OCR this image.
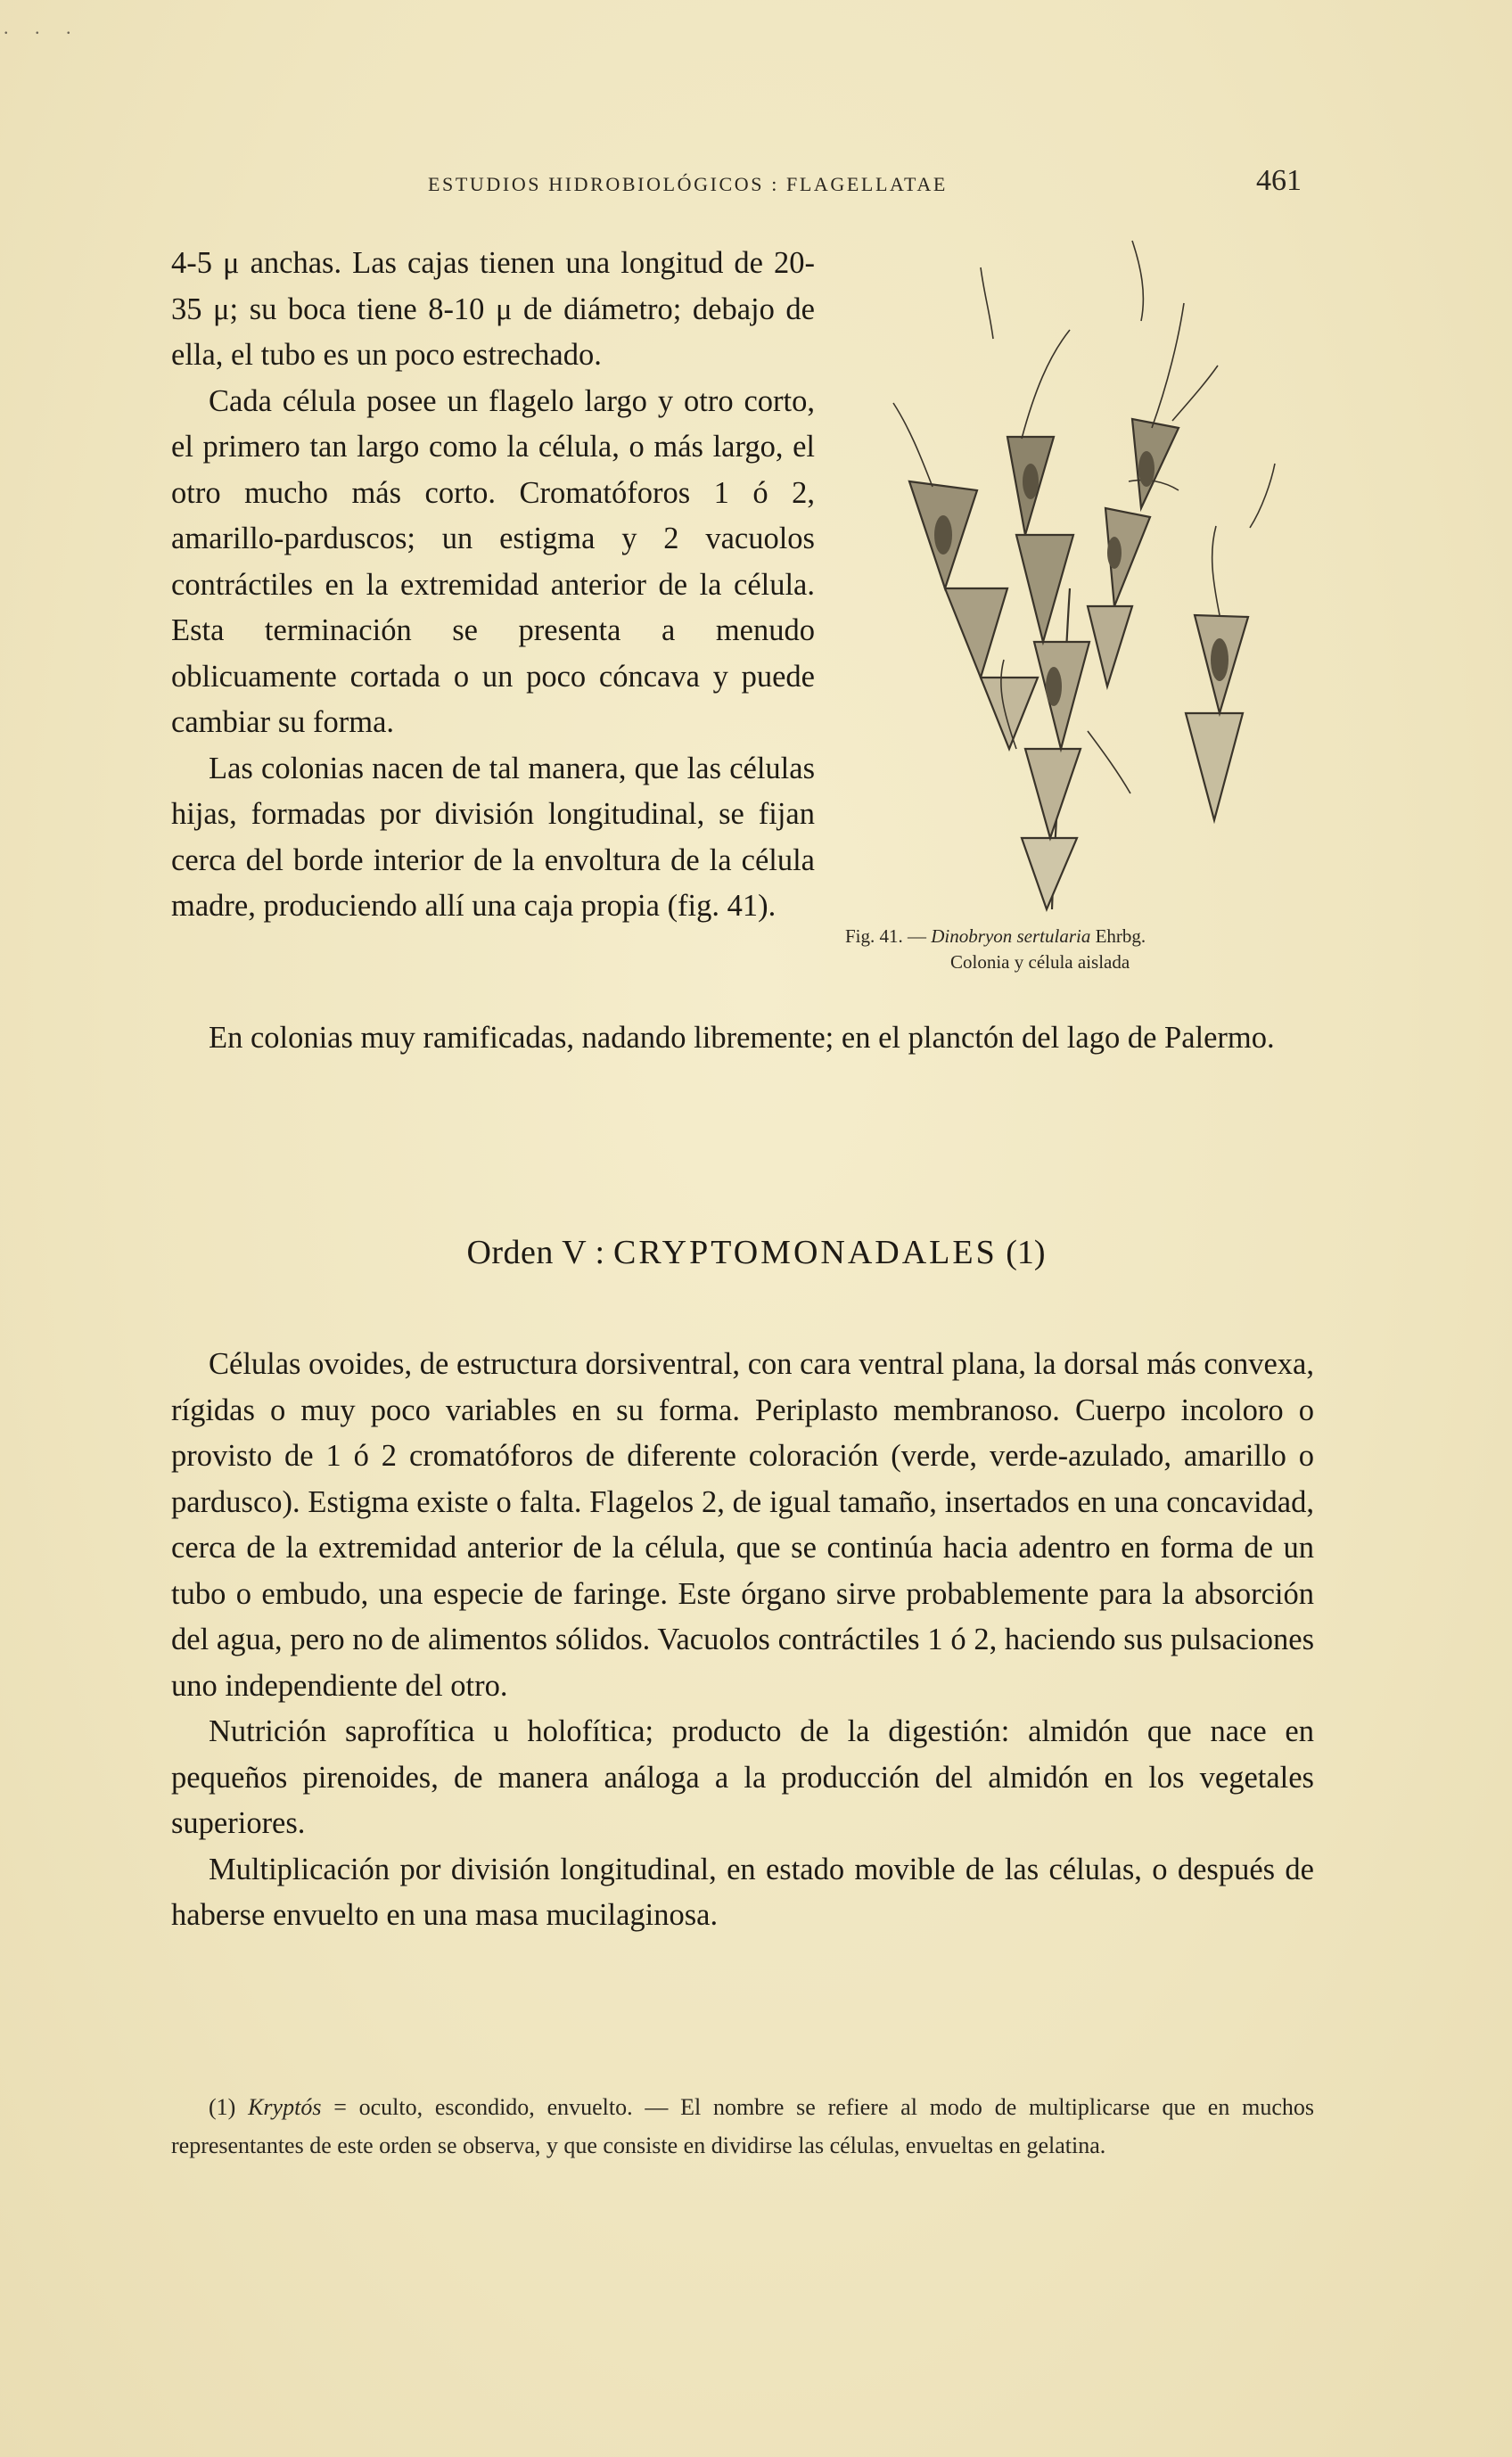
. . .
ESTUDIOS HIDROBIOLÓGICOS : FLAGELLATAE	461

4-5 μ anchas. Las cajas tienen una longitud de 20-35 μ; su boca tiene 8-10 μ de diámetro; debajo de ella, el tubo es un poco estrechado.

Cada célula posee un flagelo largo y otro corto, el primero tan largo como la célula, o más largo, el otro mucho más corto. Cromatóforos 1 ó 2, amarillo-parduscos; un estigma y 2 vacuolos contráctiles en la extremidad anterior de la célula. Esta terminación se presenta a menudo oblicuamente cortada o un poco cóncava y puede cambiar su forma.

Las colonias nacen de tal manera, que las células hijas, formadas por división longitudinal, se fijan cerca del borde interior de la envoltura de la célula madre, produciendo allí una caja propia (fig. 41).

Fig. 41. — Dinobryon sertularia Ehrbg.
Colonia y célula aislada

En colonias muy ramificadas, nadando libremente; en el planctón del lago de Palermo.

Orden V : CRYPTOMONADALES (1)

Células ovoides, de estructura dorsiventral, con cara ventral plana, la dorsal más convexa, rígidas o muy poco variables en su forma. Periplasto membranoso. Cuerpo incoloro o provisto de 1 ó 2 cromatóforos de diferente coloración (verde, verde-azulado, amarillo o pardusco). Estigma existe o falta. Flagelos 2, de igual tamaño, insertados en una concavidad, cerca de la extremidad anterior de la célula, que se continúa hacia adentro en forma de un tubo o embudo, una especie de faringe. Este órgano sirve probablemente para la absorción del agua, pero no de alimentos sólidos. Vacuolos contráctiles 1 ó 2, haciendo sus pulsaciones uno independiente del otro.

Nutrición saprofítica u holofítica; producto de la digestión: almidón que nace en pequeños pirenoides, de manera análoga a la producción del almidón en los vegetales superiores.

Multiplicación por división longitudinal, en estado movible de las células, o después de haberse envuelto en una masa mucilaginosa.

(1) Kryptós = oculto, escondido, envuelto. — El nombre se refiere al modo de multiplicarse que en muchos representantes de este orden se observa, y que consiste en dividirse las células, envueltas en gelatina.
